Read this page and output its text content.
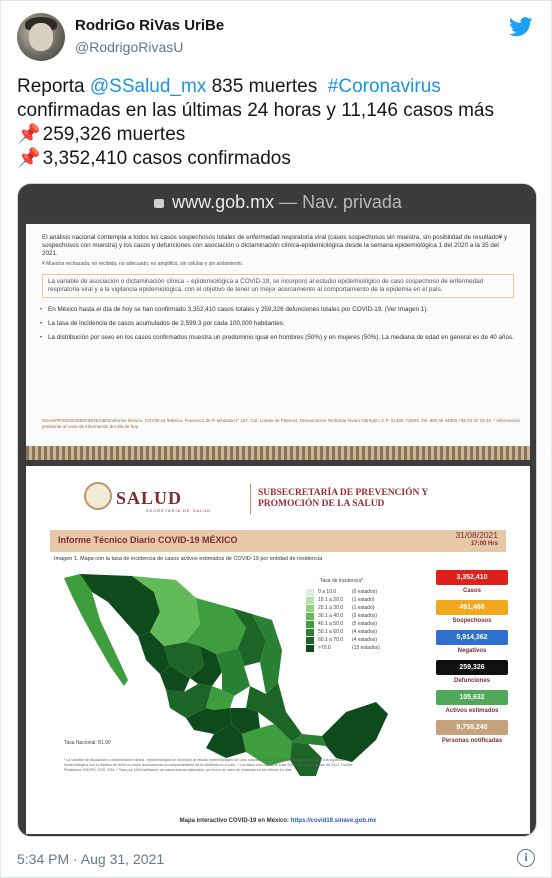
RodriGo RiVas UriBe
@RodrigoRivasU
Reporta @SSalud_mx 835 muertes  #Coronavirus
confirmadas en las últimas 24 horas y 11,146 casos más
📌 259,326 muertes
📌 3,352,410 casos confirmados
www.gob.mx — Nav. privada

El análisis nacional contempla a todos los casos sospechosos totales de enfermedad respiratoria viral (casos sospechosos sin muestra, sin posibilidad de resultado¥ y sospechosos con muestra) y los casos y defunciones con asociación o dictaminación clínica-epidemiológica desde la semana epidemiológica 1 del 2020 a la 35 del 2021.

¥ Muestra rechazada, no recibida, no adecuado, no amplificó, sin células y sin aislamiento.

La variable de asociación o dictaminación clínica – epidemiológica a COVID-19, se incorporó al estudio epidemiológico de caso sospechoso de enfermedad respiratoria viral y a la vigilancia epidemiológica, con el objetivo de tener un mejor acercamiento al comportamiento de la epidemia en el país.
• En México hasta el día de hoy se han confirmado 3,352,410 casos totales y 259,326 defunciones totales por COVID-19. (Ver Imagen 1).
• La tasa de incidencia de casos acumulados de 2,599.3 por cada 100,000 habitantes.
• La distribución por sexo en los casos confirmados muestra un predominio igual en hombres (50%) y en mujeres (50%). La mediana de edad en general es de 40 años.
SSA/SPPS/DGE/DIE/InDRE/UIES/Informe técnico. COVID-19 /México. Francisco de P. Miranda N° 157, Col. Lomas de Plateros, Demarcación Territorial Álvaro Obregón, C.P. 01480, CDMX. Tel. 800 00 44800 / 55 33 37 18 40. * Información preliminar al corte de información del día de hoy.
SALUD
SECRETARÍA DE SALUD
SUBSECRETARÍA DE PREVENCIÓN Y
PROMOCIÓN DE LA SALUD
Informe Técnico Diario COVID-19 MÉXICO	31/08/2021
17:00 Hrs
Imagen 1. Mapa con la tasa de incidencia de casos activos estimados de COVID-19 por entidad de residencia
Tasa de incidencia*
0 a 10.0	(0 estados)
10.1 a 20.0	(1 estado)
20.1 a 30.0	(1 estado)
30.1 a 40.0	(2 estados)
40.1 a 50.0	(5 estados)
50.1 a 60.0	(4 estados)
60.1 a 70.0	(4 estados)
>70.0	(15 estados)
Tasa Nacional: 81.90
3,352,410
Casos
491,468
Sospechosos
5,914,362
Negativos
259,326
Defunciones
105,632
Activos estimados
9,758,240
Personas notificadas
* La variable de asociación o dictaminación clínica - epidemiológica se incorporó al estudio epidemiológico de caso sospechoso de enfermedad respiratoria viral y a la vigilancia epidemiológica con el objetivo de tener un mejor acercamiento al comportamiento de la epidemia en el país. * Los datos son con corte a las 09:00 hrs. 31 de agosto de 2021. Fuente: Plataforma SISVER, DGE, SSA. * Tasa por 100k habitantes de casos activos estimados, por fecha de inicio de síntomas en los últimos 14 días.
Mapa interactivo COVID-19 en México: https://covid19.sinave.gob.mx
5:34 PM · Aug 31, 2021	i
